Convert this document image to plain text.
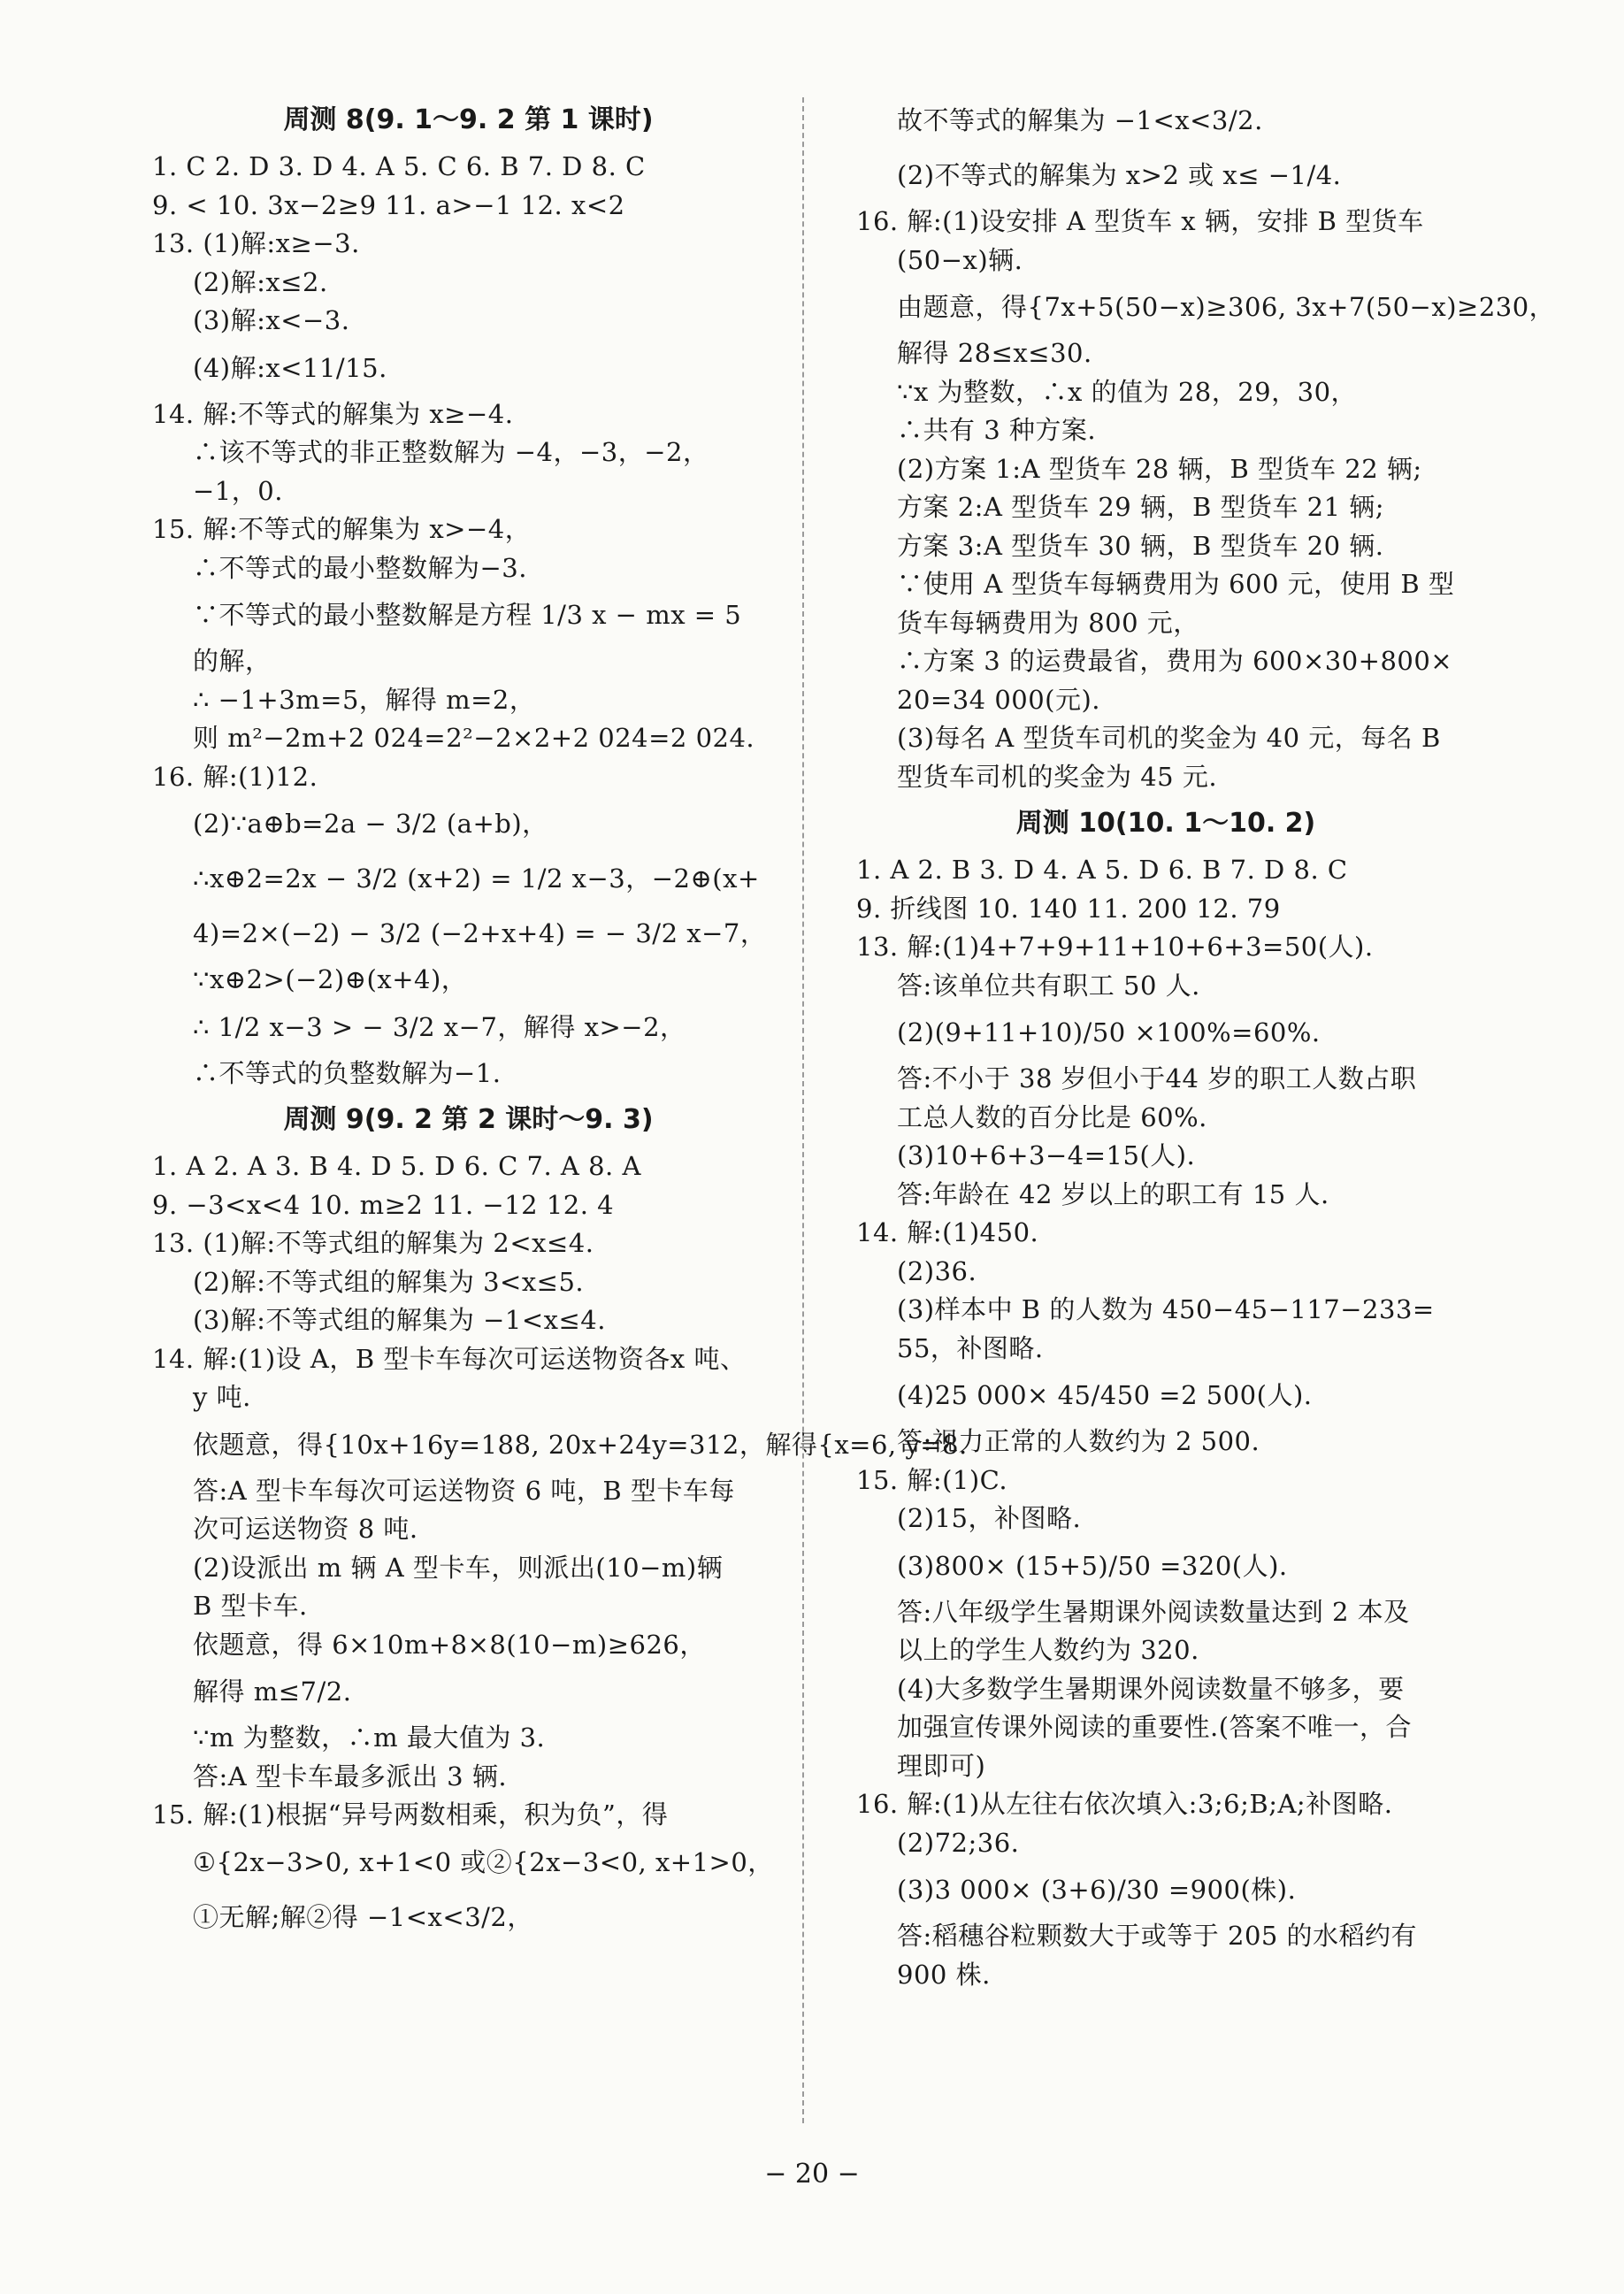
周测 8(9. 1～9. 2 第 1 课时)
1. C 2. D 3. D 4. A 5. C 6. B 7. D 8. C
9. < 10. 3x−2≥9 11. a>−1 12. x<2
13. (1)解:x≥−3.
(2)解:x≤2.
(3)解:x<−3.
(4)解:x<11/15.
14. 解:不等式的解集为 x≥−4.
∴该不等式的非正整数解为 −4，−3，−2，
−1，0.
15. 解:不等式的解集为 x>−4，
∴不等式的最小整数解为−3.
∵不等式的最小整数解是方程 1/3 x − mx = 5
的解，
∴ −1+3m=5，解得 m=2，
则 m²−2m+2 024=2²−2×2+2 024=2 024.
16. 解:(1)12.
(2)∵a⊕b=2a − 3/2 (a+b)，
∴x⊕2=2x − 3/2 (x+2) = 1/2 x−3，−2⊕(x+
4)=2×(−2) − 3/2 (−2+x+4) = − 3/2 x−7，
∵x⊕2>(−2)⊕(x+4)，
∴ 1/2 x−3 > − 3/2 x−7，解得 x>−2，
∴不等式的负整数解为−1.
周测 9(9. 2 第 2 课时～9. 3)
1. A 2. A 3. B 4. D 5. D 6. C 7. A 8. A
9. −3<x<4 10. m≥2 11. −12 12. 4
13. (1)解:不等式组的解集为 2<x≤4.
(2)解:不等式组的解集为 3<x≤5.
(3)解:不等式组的解集为 −1<x≤4.
14. 解:(1)设 A，B 型卡车每次可运送物资各x 吨、
y 吨.
依题意，得{10x+16y=188, 20x+24y=312，解得{x=6, y=8.
答:A 型卡车每次可运送物资 6 吨，B 型卡车每
次可运送物资 8 吨.
(2)设派出 m 辆 A 型卡车，则派出(10−m)辆
B 型卡车.
依题意，得 6×10m+8×8(10−m)≥626，
解得 m≤7/2.
∵m 为整数，∴m 最大值为 3.
答:A 型卡车最多派出 3 辆.
15. 解:(1)根据“异号两数相乘，积为负”，得
①{2x−3>0, x+1<0 或②{2x−3<0, x+1>0，
①无解;解②得 −1<x<3/2，
故不等式的解集为 −1<x<3/2.
(2)不等式的解集为 x>2 或 x≤ −1/4.
16. 解:(1)设安排 A 型货车 x 辆，安排 B 型货车
(50−x)辆.
由题意，得{7x+5(50−x)≥306, 3x+7(50−x)≥230，
解得 28≤x≤30.
∵x 为整数，∴x 的值为 28，29，30，
∴共有 3 种方案.
(2)方案 1:A 型货车 28 辆，B 型货车 22 辆;
方案 2:A 型货车 29 辆，B 型货车 21 辆;
方案 3:A 型货车 30 辆，B 型货车 20 辆.
∵使用 A 型货车每辆费用为 600 元，使用 B 型
货车每辆费用为 800 元，
∴方案 3 的运费最省，费用为 600×30+800×
20=34 000(元).
(3)每名 A 型货车司机的奖金为 40 元，每名 B
型货车司机的奖金为 45 元.
周测 10(10. 1～10. 2)
1. A 2. B 3. D 4. A 5. D 6. B 7. D 8. C
9. 折线图 10. 140 11. 200 12. 79
13. 解:(1)4+7+9+11+10+6+3=50(人).
答:该单位共有职工 50 人.
(2)(9+11+10)/50 ×100%=60%.
答:不小于 38 岁但小于44 岁的职工人数占职
工总人数的百分比是 60%.
(3)10+6+3−4=15(人).
答:年龄在 42 岁以上的职工有 15 人.
14. 解:(1)450.
(2)36.
(3)样本中 B 的人数为 450−45−117−233=
55，补图略.
(4)25 000× 45/450 =2 500(人).
答:视力正常的人数约为 2 500.
15. 解:(1)C.
(2)15，补图略.
(3)800× (15+5)/50 =320(人).
答:八年级学生暑期课外阅读数量达到 2 本及
以上的学生人数约为 320.
(4)大多数学生暑期课外阅读数量不够多，要
加强宣传课外阅读的重要性.(答案不唯一，合
理即可)
16. 解:(1)从左往右依次填入:3;6;B;A;补图略.
(2)72;36.
(3)3 000× (3+6)/30 =900(株).
答:稻穗谷粒颗数大于或等于 205 的水稻约有
900 株.
− 20 −
